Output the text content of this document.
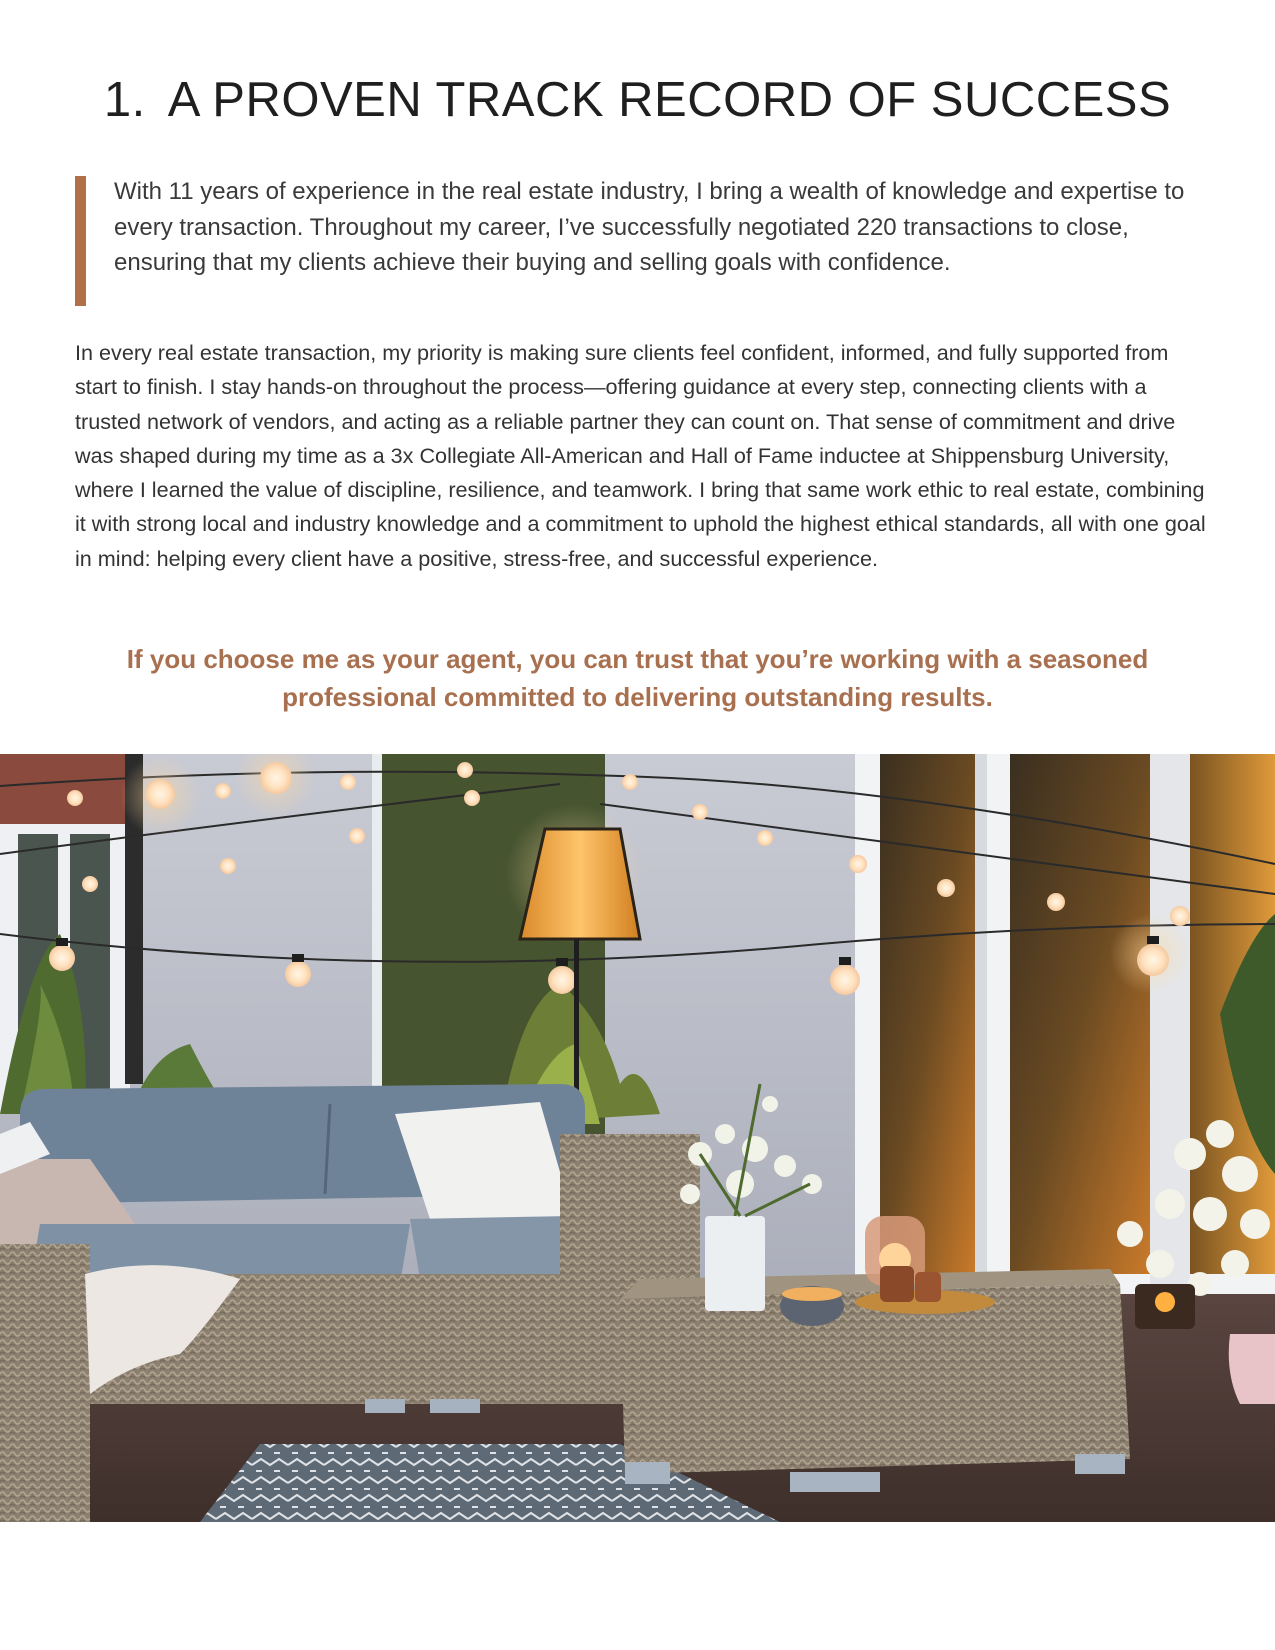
1. A PROVEN TRACK RECORD OF SUCCESS

With 11 years of experience in the real estate industry, I bring a wealth of knowledge and expertise to every transaction. Throughout my career, I’ve successfully negotiated 220 transactions to close, ensuring that my clients achieve their buying and selling goals with confidence.

In every real estate transaction, my priority is making sure clients feel confident, informed, and fully supported from start to finish. I stay hands-on throughout the process—offering guidance at every step, connecting clients with a trusted network of vendors, and acting as a reliable partner they can count on. That sense of commitment and drive was shaped during my time as a 3x Collegiate All-American and Hall of Fame inductee at Shippensburg University, where I learned the value of discipline, resilience, and teamwork. I bring that same work ethic to real estate, combining it with strong local and industry knowledge and a commitment to uphold the highest ethical standards, all with one goal in mind: helping every client have a positive, stress-free, and successful experience.

If you choose me as your agent, you can trust that you’re working with a seasoned professional committed to delivering outstanding results.
